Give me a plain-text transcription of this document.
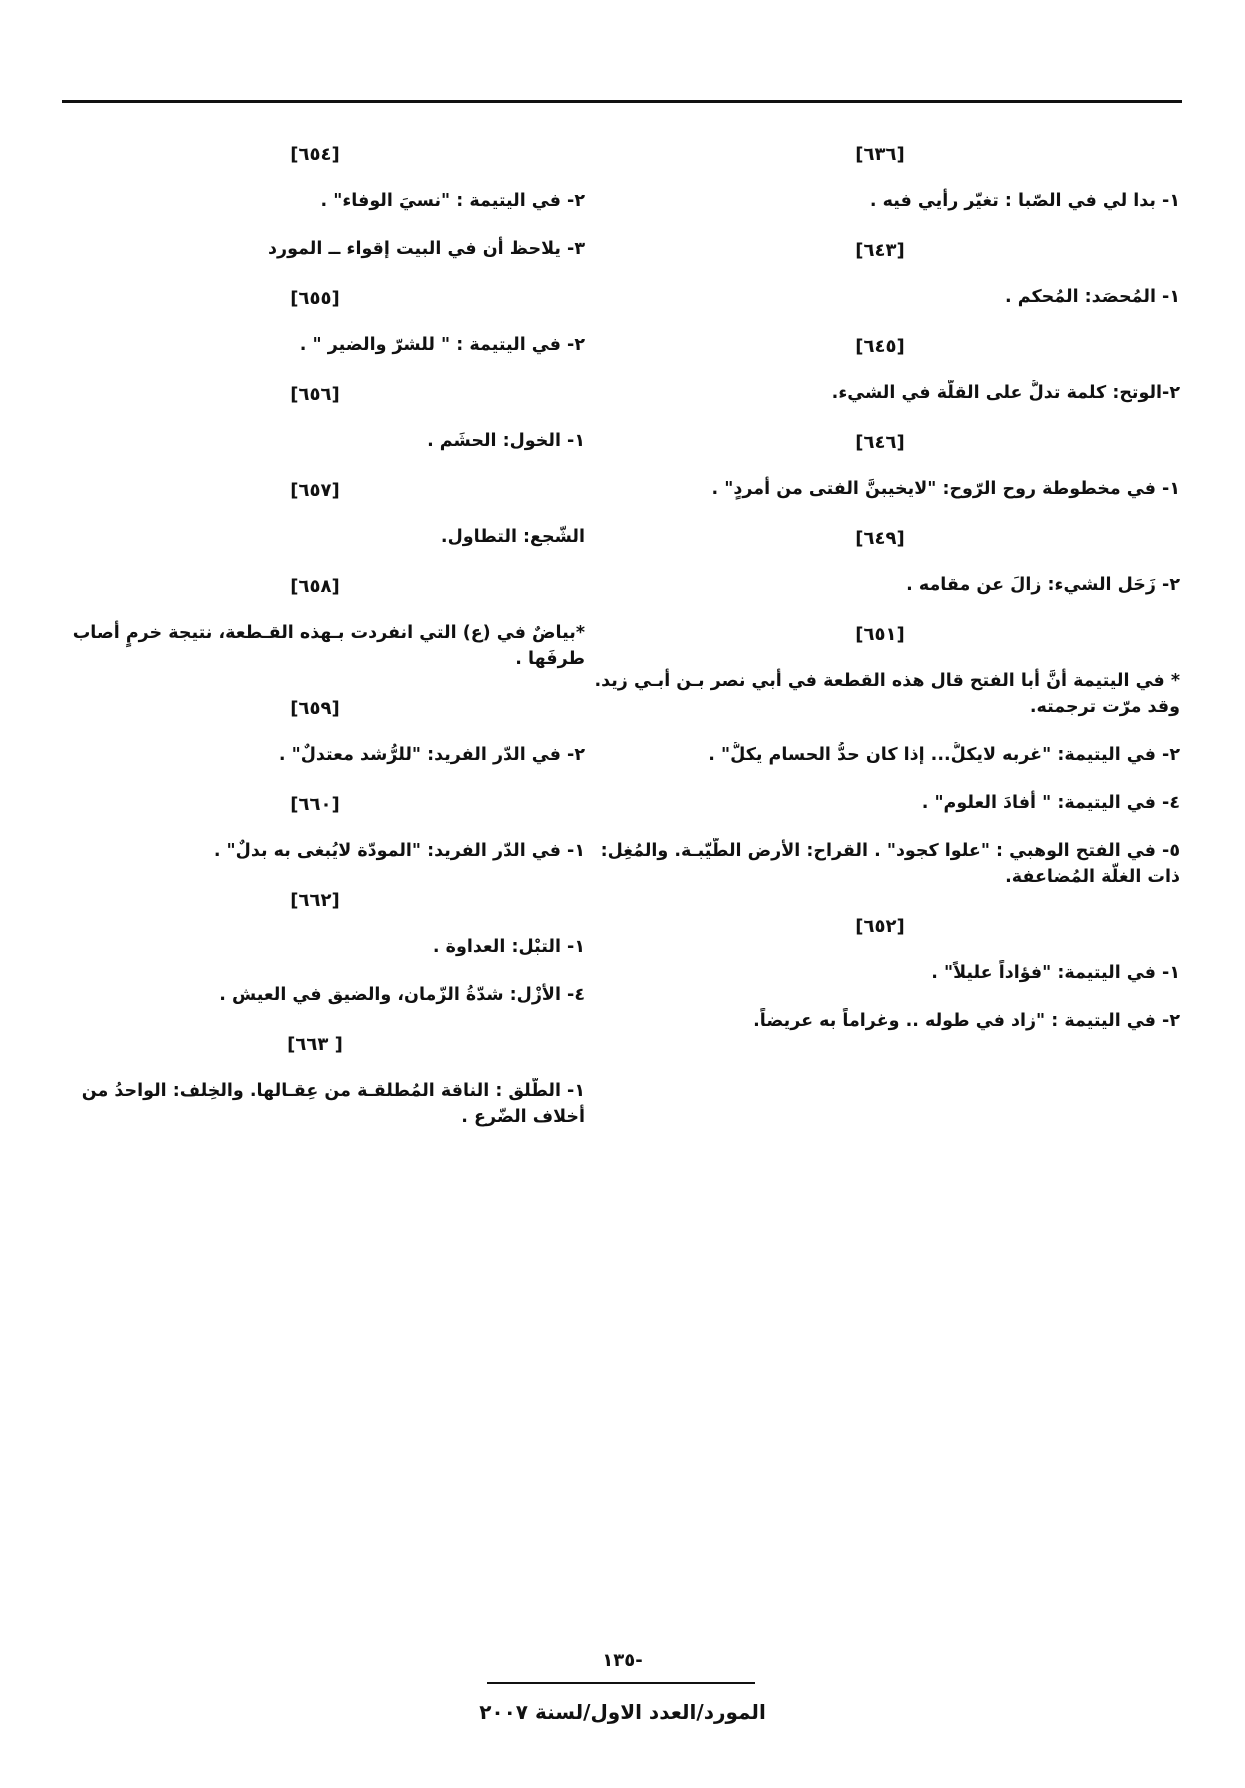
[٦٣٦]
١- بدا لي في الصّبا : تغيّر رأيي فيه .
[٦٤٣]
١- المُحصَد: المُحكم .
[٦٤٥]
٢-الوتح: كلمة تدلُّ على القلّة في الشيء.
[٦٤٦]
١- في مخطوطة روح الرّوح: "لايخيبنَّ الفتى من أمردٍ" .
[٦٤٩]
٢- زَحَل الشيء: زالَ عن مقامه .
[٦٥١]
* في اليتيمة أنَّ أبا الفتح قال هذه القطعة في أبي نصر بـن أبـي زيد. وقد مرّت ترجمته.
٢- في اليتيمة: "غربه لايكلُّ... إذا كان حدُّ الحسام يكلُّ" .
٤- في اليتيمة: " أفادَ العلوم" .
٥- في الفتح الوهبي : "علوا كجود" . القراح: الأرض الطّيّبـة. والمُغِل: ذات الغلّة المُضاعفة.
[٦٥٢]
١- في اليتيمة: "فؤاداً عليلاً" .
٢- في اليتيمة : "زاد في طوله .. وغراماً به عريضاً.
[٦٥٤]
٢- في اليتيمة : "نسيَ الوفاء" .
٣- يلاحظ أن في البيت إقواء ــ المورد
[٦٥٥]
٢- في اليتيمة : " للشرّ والضير " .
[٦٥٦]
١- الخول: الحشَم .
[٦٥٧]
الشّجع: التطاول.
[٦٥٨]
*بياضٌ في (ع) التي انفردت بـهذه القـطعة، نتيجة خرمٍ أصاب طرفَها .
[٦٥٩]
٢- في الدّر الفريد: "للرُّشد معتدلٌ" .
[٦٦٠]
١- في الدّر الفريد: "المودّة لايُبغى به بدلٌ" .
[٦٦٢]
١- التبْل: العداوة .
٤- الأزْل: شدّةُ الزّمان، والضيق في العيش .
[ ٦٦٣]
١- الطّلق : الناقة المُطلقـة من عِقـالها. والخِلف: الواحدُ من أخلاف الضّرع .
-١٣٥
المورد/العدد الاول/لسنة ٢٠٠٧
